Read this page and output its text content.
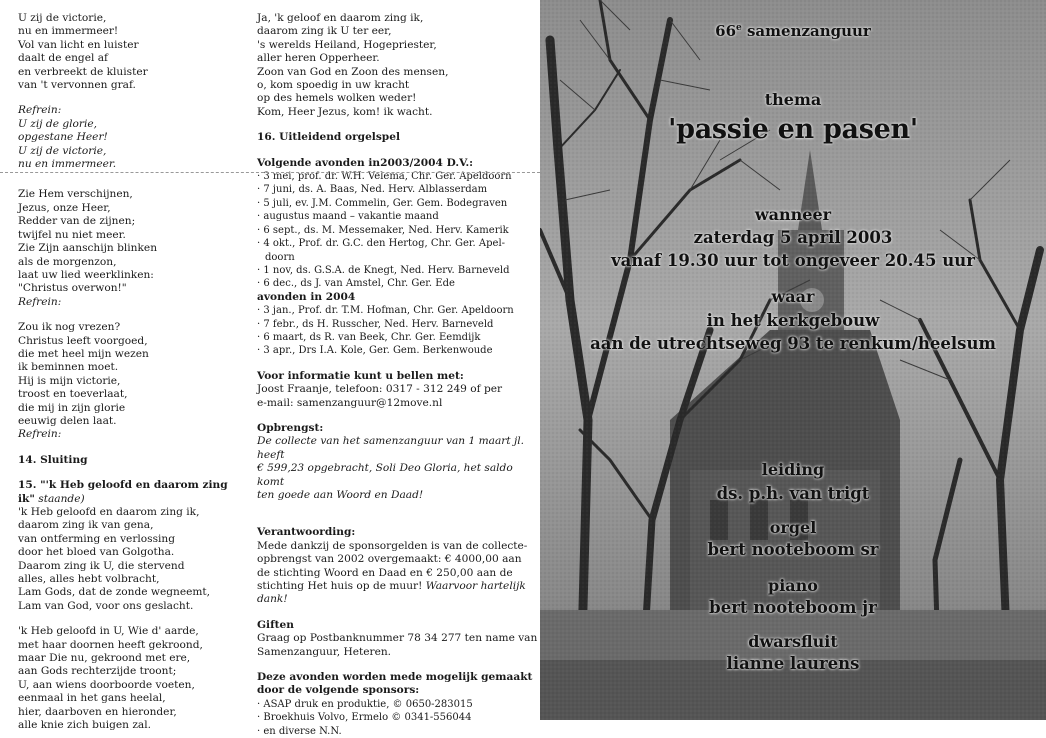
U zij de victorie,

nu en immermeer!

Vol van licht en luister

daalt de engel af

en verbreekt de kluister

van 't vervonnen graf.

Refrein:

U zij de glorie,

opgestane Heer!

U zij de victorie,

nu en immermeer.

Zie Hem verschijnen,

Jezus, onze Heer,

Redder van de zijnen;

twijfel nu niet meer.

Zie Zijn aanschijn blinken

als de morgenzon,

laat uw lied weerklinken:

"Christus overwon!"

Refrein:

Zou ik nog vrezen?

Christus leeft voorgoed,

die met heel mijn wezen

ik beminnen moet.

Hij is mijn victorie,

troost en toeverlaat,

die mij in zijn glorie

eeuwig delen laat.

Refrein:

14. Sluiting

15. "'k Heb geloofd en daarom zing ik" staande)

'k Heb geloofd en daarom zing ik,

daarom zing ik van gena,

van ontferming en verlossing

door het bloed van Golgotha.

Daarom zing ik U, die stervend

alles, alles hebt volbracht,

Lam Gods, dat de zonde wegneemt,

Lam van God, voor ons geslacht.

'k Heb geloofd in U, Wie d' aarde,

met haar doornen heeft gekroond,

maar Die nu, gekroond met ere,

aan Gods rechterzijde troont;

U, aan wiens doorboorde voeten,

eenmaal in het gans heelal,

hier, daarboven en hieronder,

alle knie zich buigen zal.

Ja, 'k geloof en daarom zing ik,

daarom zing ik U ter eer,

's werelds Heiland, Hogepriester,

aller heren Opperheer.

Zoon van God en Zoon des mensen,

o, kom spoedig in uw kracht

op des hemels wolken weder!

Kom, Heer Jezus, kom! ik wacht.

16. Uitleidend orgelspel

Volgende avonden in2003/2004 D.V.:

· 3 mei, prof. dr. W.H. Velema, Chr. Ger. Apeldoorn

· 7 juni, ds. A. Baas, Ned. Herv. Alblasserdam

· 5 juli, ev. J.M. Commelin, Ger. Gem. Bodegraven

· augustus maand – vakantie maand

· 6 sept., ds. M. Messemaker, Ned. Herv. Kamerik

· 4 okt., Prof. dr. G.C. den Hertog, Chr. Ger. Apel-

doorn

· 1 nov, ds. G.S.A. de Knegt, Ned. Herv. Barneveld

· 6 dec., ds J. van Amstel, Chr. Ger. Ede

avonden in 2004

· 3 jan., Prof. dr. T.M. Hofman, Chr. Ger. Apeldoorn

· 7 febr., ds H. Russcher, Ned. Herv. Barneveld

· 6 maart, ds R. van Beek, Chr. Ger. Eemdijk

· 3 apr., Drs I.A. Kole, Ger. Gem. Berkenwoude

Voor informatie kunt u bellen met:

Joost Fraanje, telefoon: 0317 - 312 249 of per

e-mail: samenzanguur@12move.nl

Opbrengst:

De collecte van het samenzanguur van 1 maart jl. heeft

€ 599,23 opgebracht, Soli Deo Gloria, het saldo komt

ten goede aan Woord en Daad!

Verantwoording:

Mede dankzij de sponsorgelden is van de collecte-

opbrengst van 2002 overgemaakt: € 4000,00 aan

de stichting Woord en Daad en € 250,00 aan de

stichting Het huis op de muur! Waarvoor hartelijk

dank!

Giften

Graag op Postbanknummer 78 34 277 ten name van

Samenzanguur, Heteren.

Deze avonden worden mede mogelijk gemaakt

door de volgende sponsors:

· ASAP druk en produktie, © 0650-283015

· Broekhuis Volvo, Ermelo © 0341-556044

· en diverse N.N.

66e samenzanguur
thema
'passie en pasen'
wanneer
zaterdag 5 april 2003
vanaf 19.30 uur tot ongeveer 20.45 uur
waar
in het kerkgebouw
aan de utrechtseweg 93 te renkum/heelsum
leiding
ds. p.h. van trigt
orgel
bert nooteboom sr
piano
bert nooteboom jr
dwarsfluit
lianne laurens
